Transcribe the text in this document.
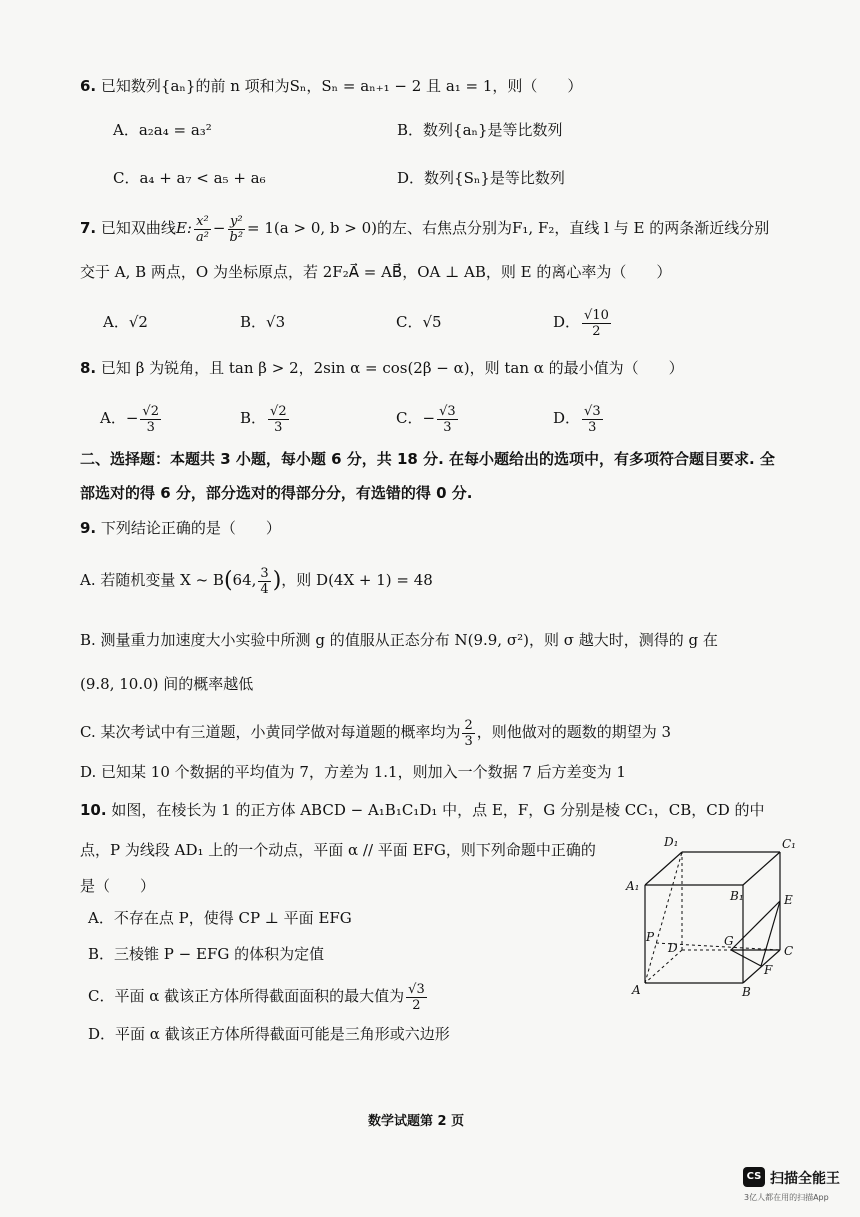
6. 已知数列{aₙ}的前 n 项和为Sₙ，Sₙ = aₙ₊₁ − 2 且 a₁ = 1，则（　　）
A．a₂a₄ = a₃²	B．数列{aₙ}是等比数列
C．a₄ + a₇ < a₅ + a₆	D．数列{Sₙ}是等比数列
7. 已知双曲线E: $\frac{\text{x²}}{\text{a²}} - \frac{\text{y²}}{\text{b²}} = 1(a > 0$, b > 0)的左、右焦点分别为F₁, F₂，直线 l 与 E 的两条渐近线分别
交于 A, B 两点，O 为坐标原点，若 2F₂A⃗ = AB⃗，OA ⊥ AB，则 E 的离心率为（　　）
A．√2	B．√3	C．√5	D． $\frac{√10}{2}$
8. 已知 β 为锐角，且 tan β > 2，2sin α = cos(2β − α)，则 tan α 的最小值为（　　）
A．− $\frac{√2}{3}$	B． $\frac{√2}{3}$	C．− $\frac{√3}{3}$	D． $\frac{√3}{3}$
二、选择题：本题共 3 小题，每小题 6 分，共 18 分. 在每小题给出的选项中，有多项符合题目要求. 全
部选对的得 6 分，部分选对的得部分分，有选错的得 0 分.
9. 下列结论正确的是（　　）
A. 若随机变量 X ~ B(64, $\frac{3}{4}$ )，则 D(4X + 1) = 48
B. 测量重力加速度大小实验中所测 g 的值服从正态分布 N(9.9, σ²)，则 σ 越大时，测得的 g 在
(9.8, 10.0) 间的概率越低
C. 某次考试中有三道题，小黄同学做对每道题的概率均为 $\frac{2}{3}$ ，则他做对的题数的期望为 3
D. 已知某 10 个数据的平均值为 7，方差为 1.1，则加入一个数据 7 后方差变为 1
10. 如图，在棱长为 1 的正方体 ABCD − A₁B₁C₁D₁ 中，点 E，F，G 分别是棱 CC₁，CB，CD 的中
点，P 为线段 AD₁ 上的一个动点，平面 α // 平面 EFG，则下列命题中正确的
是（　　）
A．不存在点 P，使得 CP ⊥ 平面 EFG
B．三棱锥 P − EFG 的体积为定值
C．平面 α 截该正方体所得截面面积的最大值为 $\frac{√3}{2}$
D．平面 α 截该正方体所得截面可能是三角形或六边形
D₁	C₁
A₁
B₁	E
P	G
D	C
F
A	B
数学试题第 2 页
CS 扫描全能王
3亿人都在用的扫描App
